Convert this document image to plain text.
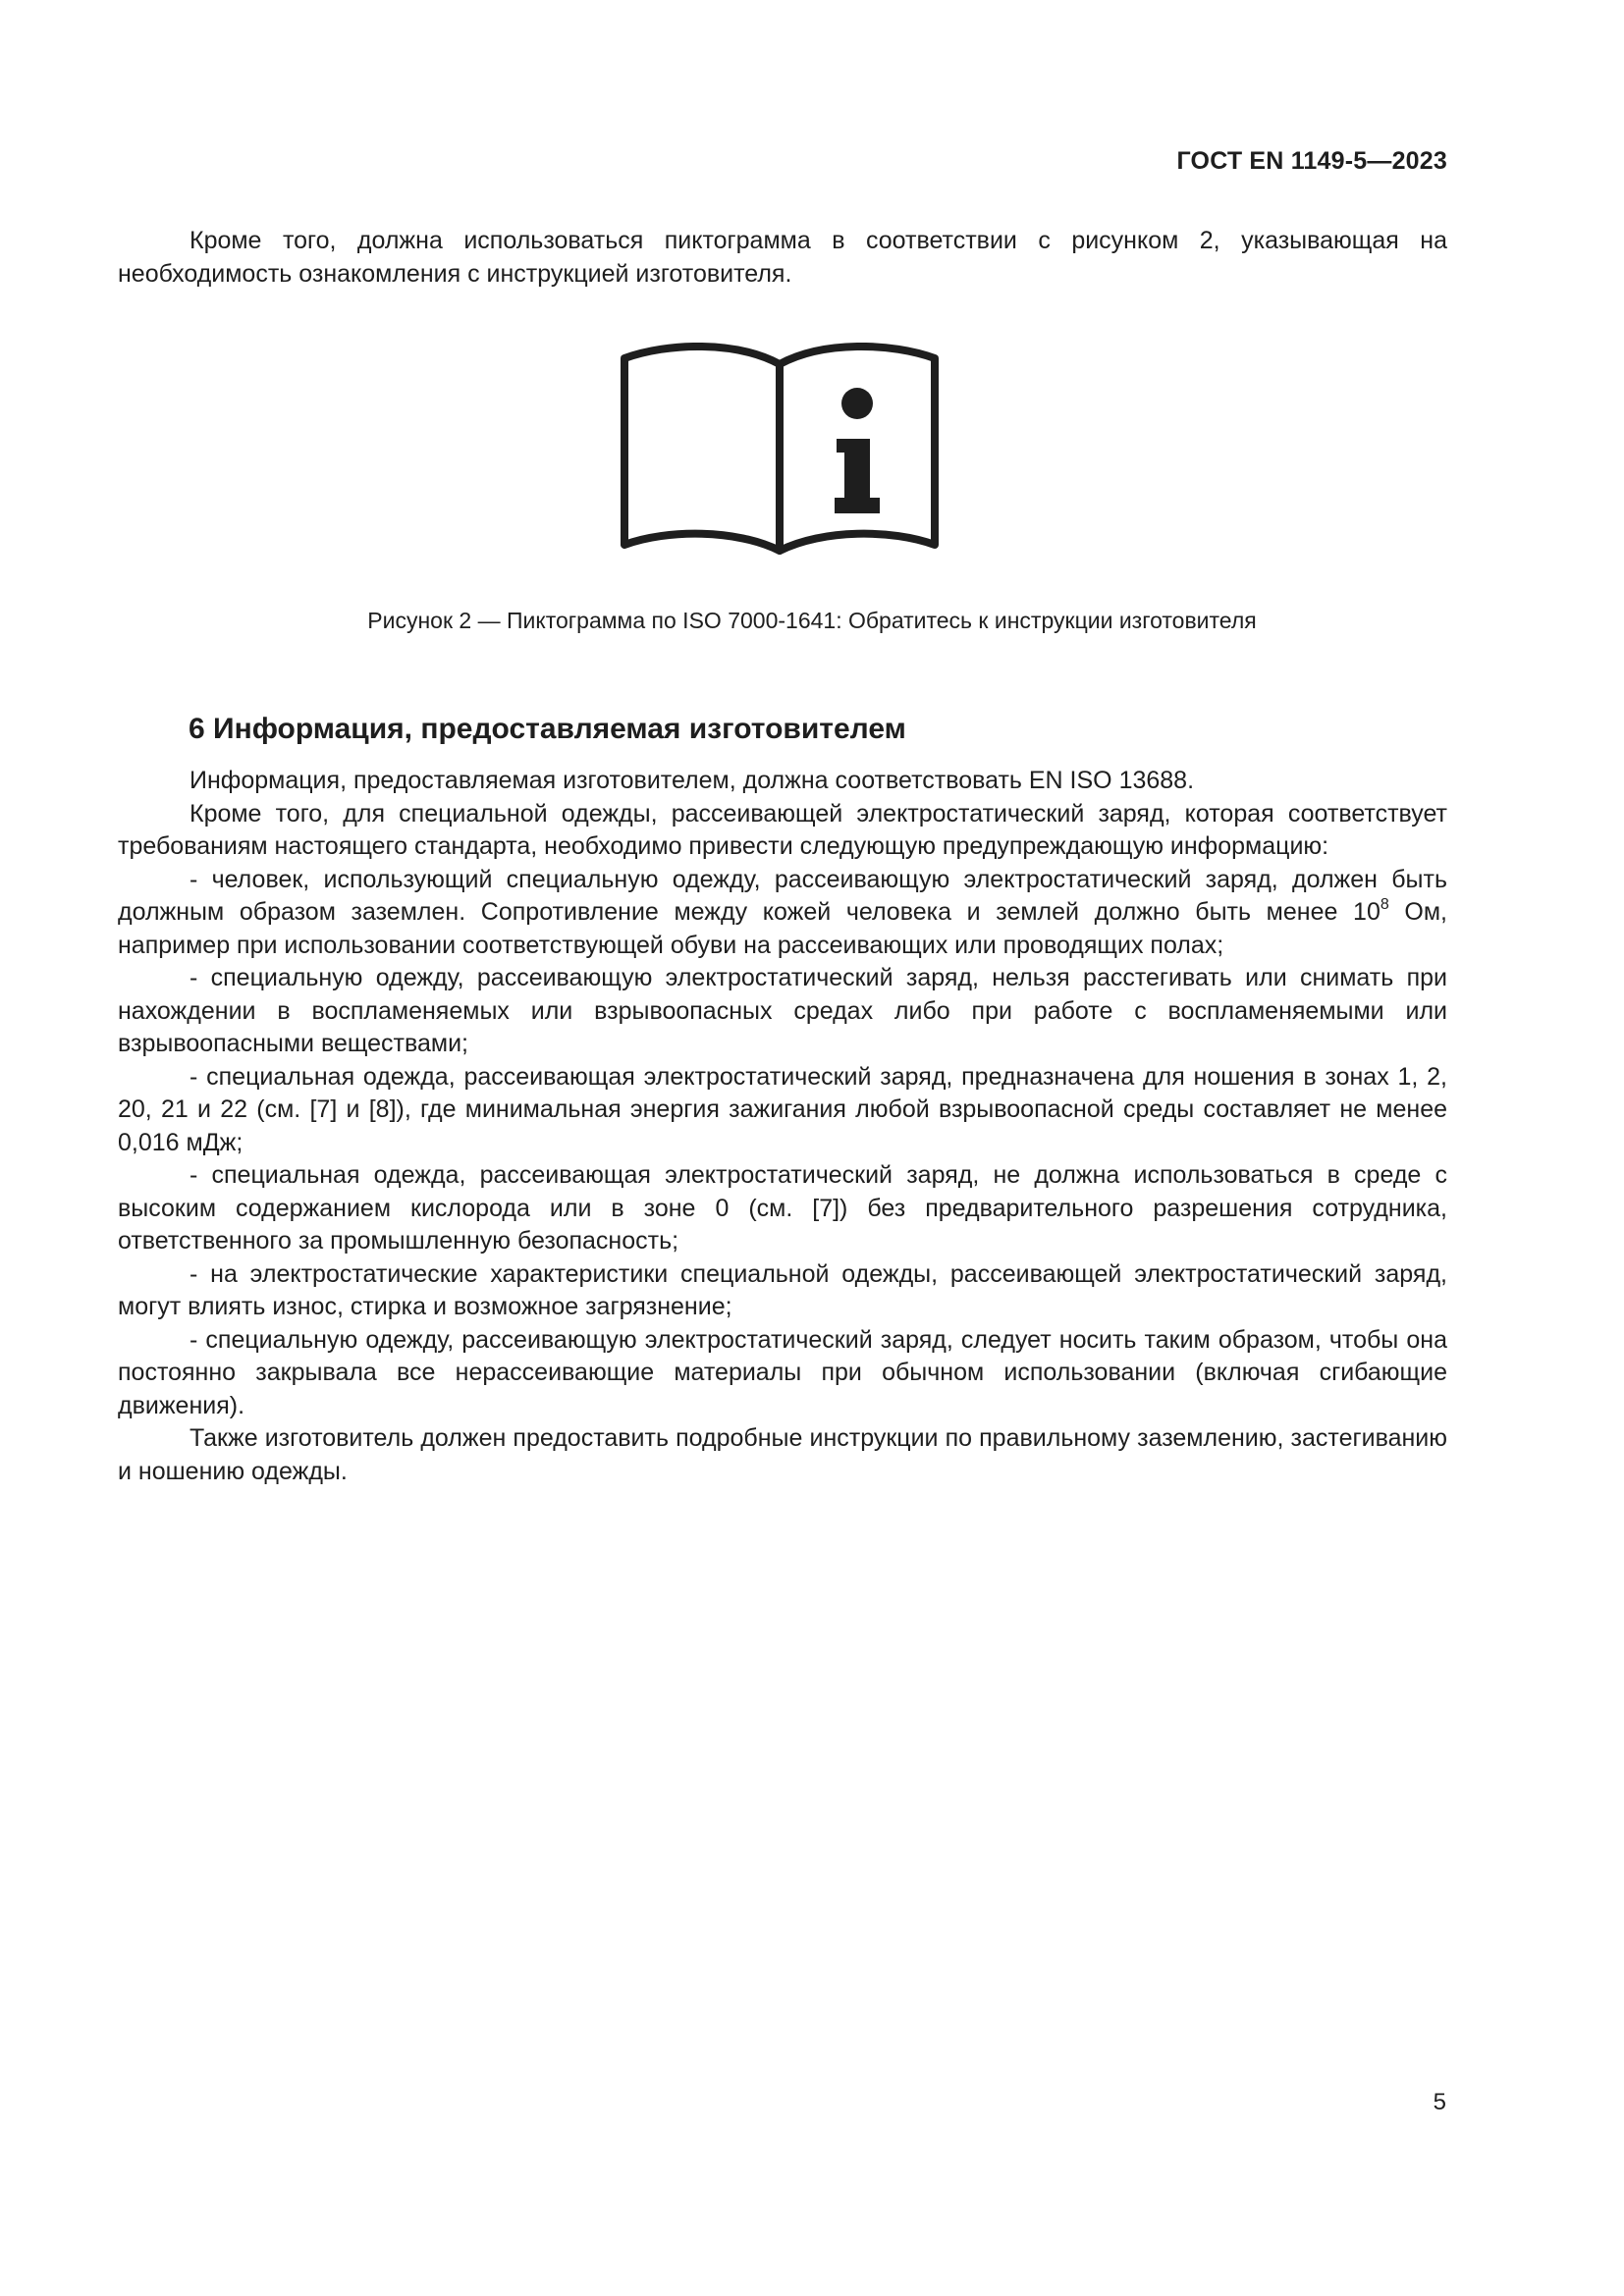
ГОСТ EN 1149-5—2023

Кроме того, должна использоваться пиктограмма в соответствии с рисунком 2, указывающая на необходимость ознакомления с инструкцией изготовителя.

Рисунок 2 — Пиктограмма по ISO 7000-1641: Обратитесь к инструкции изготовителя
6 Информация, предоставляемая изготовителем

Информация, предоставляемая изготовителем, должна соответствовать EN ISO 13688.

Кроме того, для специальной одежды, рассеивающей электростатический заряд, которая соответствует требованиям настоящего стандарта, необходимо привести следующую предупреждающую информацию:

- человек, использующий специальную одежду, рассеивающую электростатический заряд, должен быть должным образом заземлен. Сопротивление между кожей человека и землей должно быть менее $10^8$ Ом, например при использовании соответствующей обуви на рассеивающих или проводящих полах;

- специальную одежду, рассеивающую электростатический заряд, нельзя расстегивать или снимать при нахождении в воспламеняемых или взрывоопасных средах либо при работе с воспламеняемыми или взрывоопасными веществами;

- специальная одежда, рассеивающая электростатический заряд, предназначена для ношения в зонах 1, 2, 20, 21 и 22 (см. [7] и [8]), где минимальная энергия зажигания любой взрывоопасной среды составляет не менее 0,016 мДж;

- специальная одежда, рассеивающая электростатический заряд, не должна использоваться в среде с высоким содержанием кислорода или в зоне 0 (см. [7]) без предварительного разрешения сотрудника, ответственного за промышленную безопасность;

- на электростатические характеристики специальной одежды, рассеивающей электростатический заряд, могут влиять износ, стирка и возможное загрязнение;

- специальную одежду, рассеивающую электростатический заряд, следует носить таким образом, чтобы она постоянно закрывала все нерассеивающие материалы при обычном использовании (включая сгибающие движения).

Также изготовитель должен предоставить подробные инструкции по правильному заземлению, застегиванию и ношению одежды.

5
